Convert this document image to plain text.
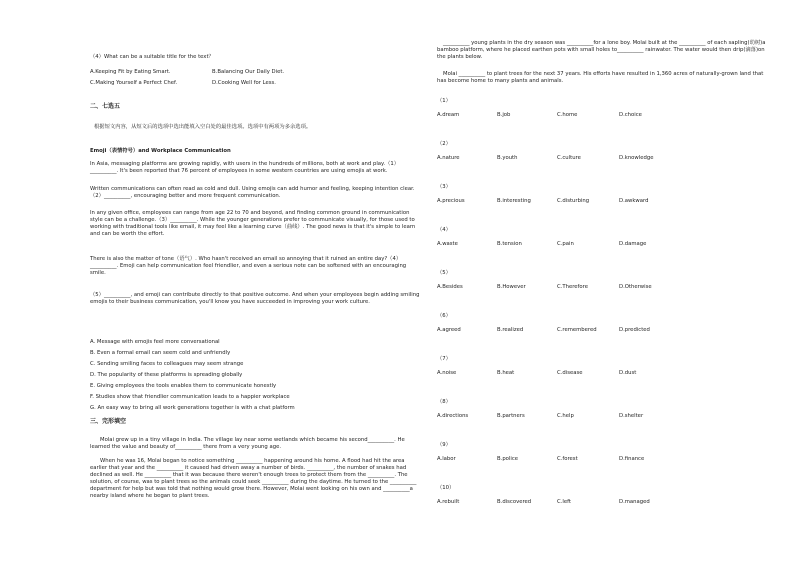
（4）What can be a suitable title for the text？
A.Keeping Fit by Eating Smart.	B.Balancing Our Daily Diet.
C.Making Yourself a Perfect Chef.	D.Cooking Well for Less.
二、七选五
根据短文内容，从短文后的选项中选出能填入空白处的最佳选项。选项中有两项为多余选项。
Emoji（表情符号）and Workplace Communication
In Asia, messaging platforms are growing rapidly, with users in the hundreds of millions, both at work and play.（1）__________. It's been reported that 76 percent of employees in some western countries are using emojis at work.
Written communications can often read as cold and dull. Using emojis can add humor and feeling, keeping intention clear.（2）__________, encouraging better and more frequent communication.
In any given office, employees can range from age 22 to 70 and beyond, and finding common ground in communication style can be a challenge.（3）__________. While the younger generations prefer to communicate visually, for those used to working with traditional tools like email, it may feel like a learning curve（曲线）. The good news is that it's simple to learn and can be worth the effort.
There is also the matter of tone（语气）. Who hasn't received an email so annoying that it ruined an entire day?（4）__________. Emoji can help communication feel friendlier, and even a serious note can be softened with an encouraging smile.
（5）__________, and emoji can contribute directly to that positive outcome. And when your employees begin adding smiling emojis to their business communication, you'll know you have succeeded in improving your work culture.
A. Message with emojis feel more conversational
B. Even a formal email can seem cold and unfriendly
C. Sending smiling faces to colleagues may seem strange
D. The popularity of these platforms is spreading globally
E. Giving employees the tools enables them to communicate honestly
F. Studies show that friendlier communication leads to a happier workplace
G. An easy way to bring all work generations together is with a chat platform
三、完形填空
Molai grew up in a tiny village in India. The village lay near some wetlands which became his second__________. He learned the value and beauty of__________ there from a very young age.
When he was 16, Molai began to notice something __________ happening around his home. A flood had hit the area earlier that year and the __________ it caused had driven away a number of birds. __________, the number of snakes had declined as well. He __________ that it was because there weren't enough trees to protect them from the __________. The solution, of course, was to plant trees so the animals could seek __________ during the daytime. He turned to the __________ department for help but was told that nothing would grow there. However, Molai went looking on his own and __________a nearby island where he began to plant trees.
__________ young plants in the dry season was __________for a lone boy. Molai built at the __________ of each sapling(幼树)a bamboo platform, where he placed earthen pots with small holes to__________ rainwater. The water would then drip(滴落)on the plants below.
Molai __________ to plant trees for the next 37 years. His efforts have resulted in 1,360 acres of naturally-grown land that has become home to many plants and animals.
（1）
A.dream	B.job	C.home	D.choice
（2）
A.nature	B.youth	C.culture	D.knowledge
（3）
A.precious	B.interesting	C.disturbing	D.awkward
（4）
A.waste	B.tension	C.pain	D.damage
（5）
A.Besides	B.However	C.Therefore	D.Otherwise
（6）
A.agreed	B.realized	C.remembered	D.predicted
（7）
A.noise	B.heat	C.disease	D.dust
（8）
A.directions	B.partners	C.help	D.shelter
（9）
A.labor	B.police	C.forest	D.finance
（10）
A.rebuilt	B.discovered	C.left	D.managed
